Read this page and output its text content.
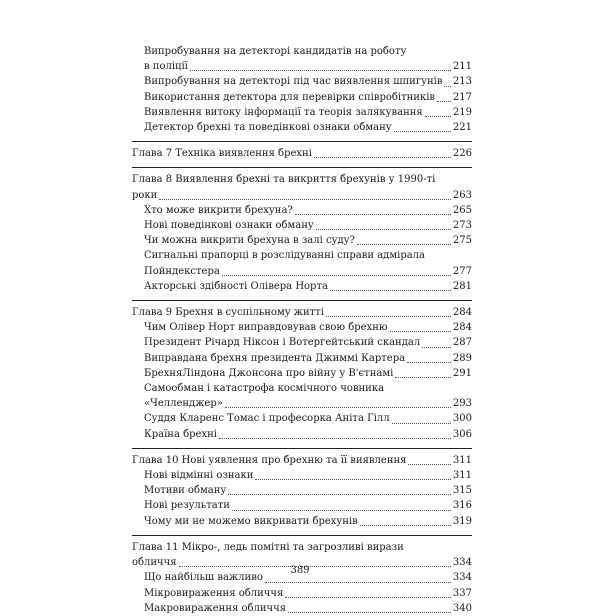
Випробування на детекторі кандидатів на роботу
в поліції	211
Випробування на детекторі під час виявлення шпигунів 213
Використання детектора для перевірки співробітників 217
Виявлення витоку інформації та теорія залякування	219
Детектор брехні та поведінкові ознаки обману	221
Глава 7 Техніка виявлення брехні	226
Глава 8 Виявлення брехні та викриття брехунів у 1990-ті
роки	263
Хто може викрити брехуна?	265
Нові поведінкові ознаки обману	273
Чи можна викрити брехуна в залі суду?	275
Сигнальні прапорці в розслідуванні справи адмірала
Пойндекстера	277
Акторські здібності Олівера Норта	281
Глава 9 Брехня в суспільному житті	284
Чим Олівер Норт виправдовував свою брехню	284
Президент Річард Ніксон і Вотергейтський скандал	287
Виправдана брехня президента Джиммі Картера	289
БрехняЛіндона Джонсона про війну у В'єтнамі	291
Самообман і катастрофа космічного човника
«Челленджер»	293
Суддя Кларенс Томас і професорка Аніта Гілл	300
Країна брехні	306
Глава 10 Нові уявлення про брехню та її виявлення	311
Нові відмінні ознаки	311
Мотиви обману	315
Нові результати	316
Чому ми не можемо викривати брехунів	319
Глава 11 Мікро-, ледь помітні та загрозливі вирази
обличчя	334
Що найбільш важливо	334
Мікровираження обличчя	337
Макровираження обличчя	340
389
